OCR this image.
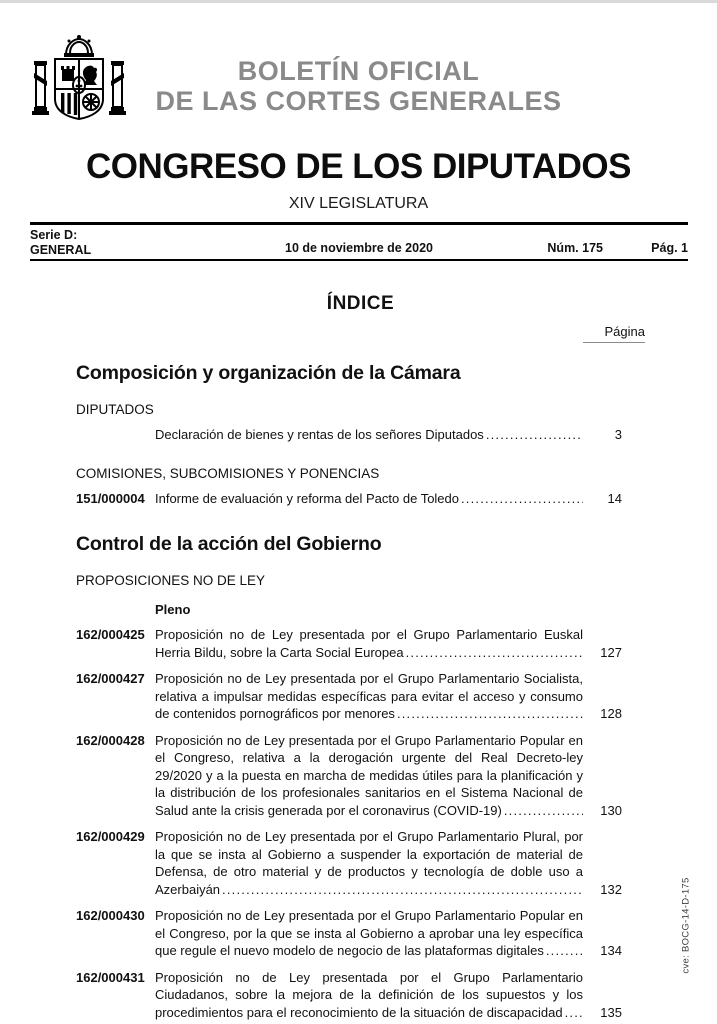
BOLETÍN OFICIAL
DE LAS CORTES GENERALES
CONGRESO DE LOS DIPUTADOS
XIV LEGISLATURA
Serie D:
GENERAL	10 de noviembre de 2020	Núm. 175	Pág. 1
ÍNDICE
Página
Composición y organización de la Cámara
DIPUTADOS
Declaración de bienes y rentas de los señores Diputados	3
COMISIONES, SUBCOMISIONES Y PONENCIAS
151/000004 Informe de evaluación y reforma del Pacto de Toledo	14
Control de la acción del Gobierno
PROPOSICIONES NO DE LEY
Pleno
162/000425 Proposición no de Ley presentada por el Grupo Parlamentario Euskal Herria Bildu, sobre la Carta Social Europea	127
162/000427 Proposición no de Ley presentada por el Grupo Parlamentario Socialista, relativa a impulsar medidas específicas para evitar el acceso y consumo de contenidos pornográficos por menores	128
162/000428 Proposición no de Ley presentada por el Grupo Parlamentario Popular en el Congreso, relativa a la derogación urgente del Real Decreto-ley 29/2020 y a la puesta en marcha de medidas útiles para la planificación y la distribución de los profesionales sanitarios en el Sistema Nacional de Salud ante la crisis generada por el coronavirus (COVID-19)	130
162/000429 Proposición no de Ley presentada por el Grupo Parlamentario Plural, por la que se insta al Gobierno a suspender la exportación de material de Defensa, de otro material y de productos y tecnología de doble uso a Azerbaiyán	132
162/000430 Proposición no de Ley presentada por el Grupo Parlamentario Popular en el Congreso, por la que se insta al Gobierno a aprobar una ley específica que regule el nuevo modelo de negocio de las plataformas digitales	134
162/000431 Proposición no de Ley presentada por el Grupo Parlamentario Ciudadanos, sobre la mejora de la definición de los supuestos y los procedimientos para el reconocimiento de la situación de discapacidad	135
cve: BOCG-14-D-175
